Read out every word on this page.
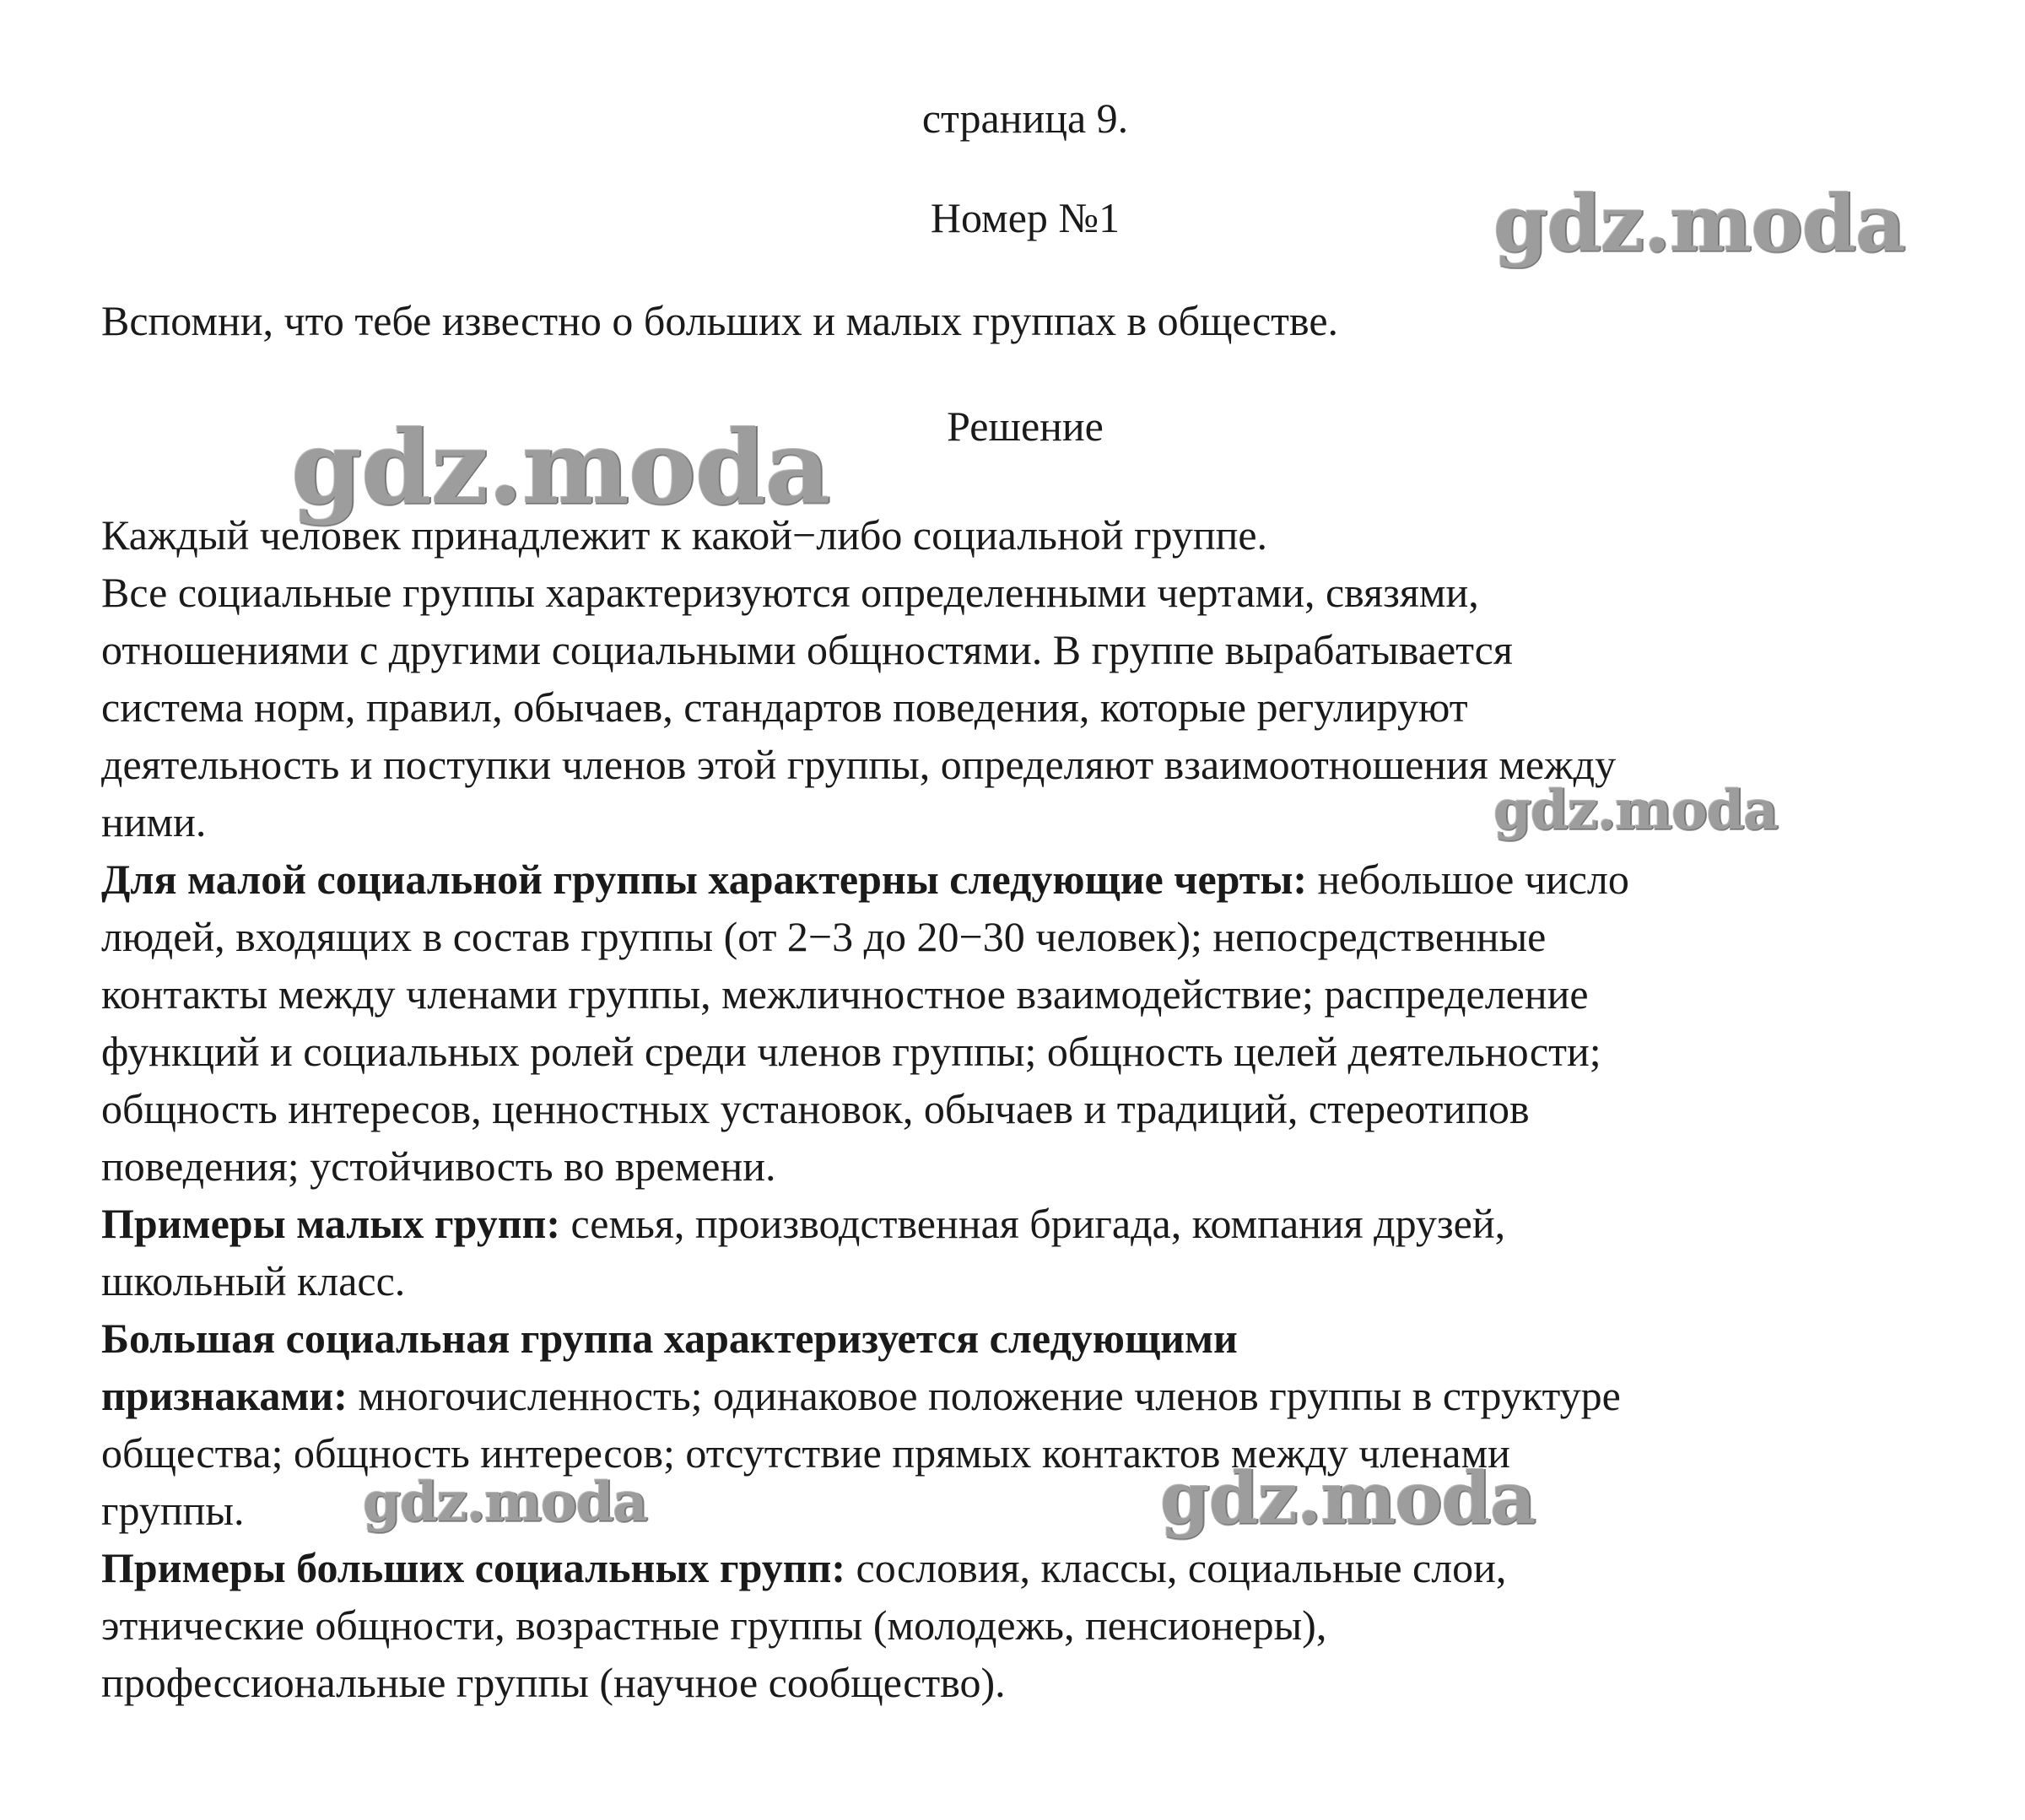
страница 9.
Номер №1
Вспомни, что тебе известно о больших и малых группах в обществе.
Решение
Каждый человек принадлежит к какой−либо социальной группе.
Все социальные группы характеризуются определенными чертами, связями,
отношениями с другими социальными общностями. В группе вырабатывается
система норм, правил, обычаев, стандартов поведения, которые регулируют
деятельность и поступки членов этой группы, определяют взаимоотношения между
ними.
Для малой социальной группы характерны следующие черты: небольшое число
людей, входящих в состав группы (от 2−3 до 20−30 человек); непосредственные
контакты между членами группы, межличностное взаимодействие; распределение
функций и социальных ролей среди членов группы; общность целей деятельности;
общность интересов, ценностных установок, обычаев и традиций, стереотипов
поведения; устойчивость во времени.
Примеры малых групп: семья, производственная бригада, компания друзей,
школьный класс.
Большая социальная группа характеризуется следующими
признаками: многочисленность; одинаковое положение членов группы в структуре
общества; общность интересов; отсутствие прямых контактов между членами
группы.
Примеры больших социальных групп: сословия, классы, социальные слои,
этнические общности, возрастные группы (молодежь, пенсионеры),
профессиональные группы (научное сообщество).
gdz.moda
gdz.moda
gdz.moda
gdz.moda	gdz.moda
